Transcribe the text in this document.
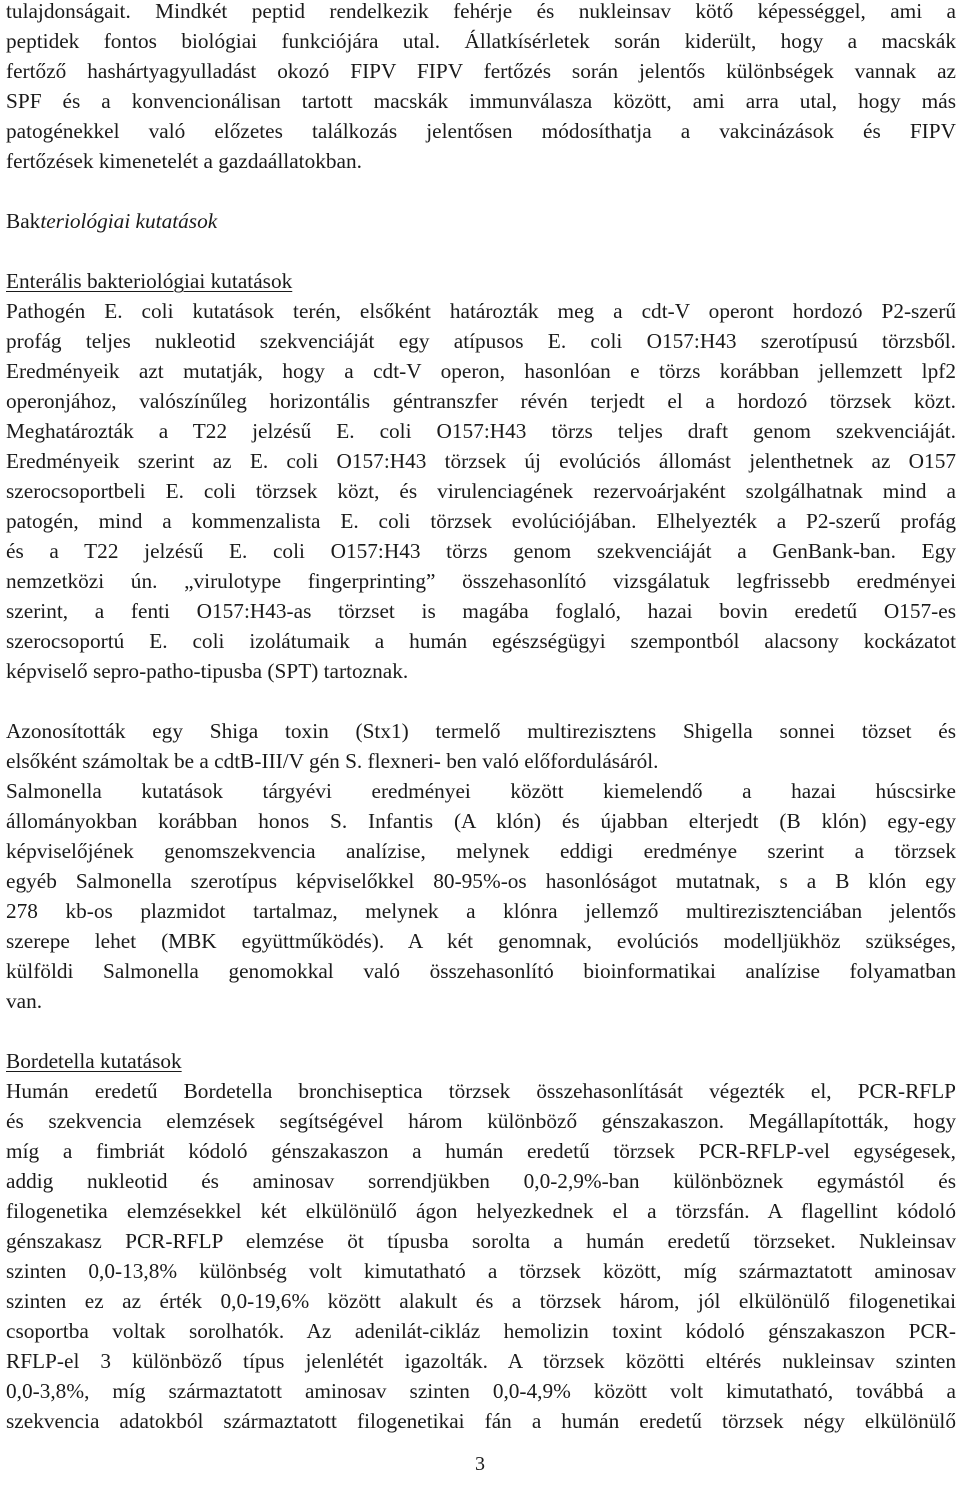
tulajdonságait. Mindkét peptid rendelkezik fehérje és nukleinsav kötő képességgel, ami a
peptidek fontos biológiai funkciójára utal. Állatkísérletek során kiderült, hogy a macskák
fertőző hashártyagyulladást okozó FIPV FIPV fertőzés során jelentős különbségek vannak az
SPF és a konvencionálisan tartott macskák immunválasza között, ami arra utal, hogy más
patogénekkel való előzetes találkozás jelentősen módosíthatja a vakcinázások és FIPV
fertőzések kimenetelét a gazdaállatokban.
Bakteriológiai kutatások
Enterális bakteriológiai kutatások
Pathogén E. coli kutatások terén, elsőként határozták meg a cdt-V operont hordozó P2-szerű
profág teljes nukleotid szekvenciáját egy atípusos E. coli O157:H43 szerotípusú törzsből.
Eredményeik azt mutatják, hogy a cdt-V operon, hasonlóan e törzs korábban jellemzett lpf2
operonjához, valószínűleg horizontális géntranszfer révén terjedt el a hordozó törzsek közt.
Meghatározták a T22 jelzésű E. coli O157:H43 törzs teljes draft genom szekvenciáját.
Eredményeik szerint az E. coli O157:H43 törzsek új evolúciós állomást jelenthetnek az O157
szerocsoportbeli E. coli törzsek közt, és virulenciagének rezervoárjaként szolgálhatnak mind a
patogén, mind a kommenzalista E. coli törzsek evolúciójában. Elhelyezték a P2-szerű profág
és a T22 jelzésű E. coli O157:H43 törzs genom szekvenciáját a GenBank-ban. Egy
nemzetközi ún. „virulotype fingerprinting” összehasonlító vizsgálatuk legfrissebb eredményei
szerint, a fenti O157:H43-as törzset is magába foglaló, hazai bovin eredetű O157-es
szerocsoportú E. coli izolátumaik a humán egészségügyi szempontból alacsony kockázatot
képviselő sepro-patho-tipusba (SPT) tartoznak.
Azonosították egy Shiga toxin (Stx1) termelő multirezisztens Shigella sonnei tözset és
elsőként számoltak be a cdtB-III/V gén S. flexneri- ben való előfordulásáról.
Salmonella kutatások tárgyévi eredményei között kiemelendő a hazai húscsirke
állományokban korábban honos S. Infantis (A klón) és újabban elterjedt (B klón) egy-egy
képviselőjének genomszekvencia analízise, melynek eddigi eredménye szerint a törzsek
egyéb Salmonella szerotípus képviselőkkel 80-95%-os hasonlóságot mutatnak, s a B klón egy
278 kb-os plazmidot tartalmaz, melynek a klónra jellemző multirezisztenciában jelentős
szerepe lehet (MBK együttműködés). A két genomnak, evolúciós modelljükhöz szükséges,
külföldi Salmonella genomokkal való összehasonlító bioinformatikai analízise folyamatban
van.
Bordetella kutatások
Humán eredetű Bordetella bronchiseptica törzsek összehasonlítását végezték el, PCR-RFLP
és szekvencia elemzések segítségével három különböző génszakaszon. Megállapították, hogy
míg a fimbriát kódoló génszakaszon a humán eredetű törzsek PCR-RFLP-vel egységesek,
addig nukleotid és aminosav sorrendjükben 0,0-2,9%-ban különböznek egymástól és
filogenetika elemzésekkel két elkülönülő ágon helyezkednek el a törzsfán. A flagellint kódoló
génszakasz PCR-RFLP elemzése öt típusba sorolta a humán eredetű törzseket. Nukleinsav
szinten 0,0-13,8% különbség volt kimutatható a törzsek között, míg származtatott aminosav
szinten ez az érték 0,0-19,6% között alakult és a törzsek három, jól elkülönülő filogenetikai
csoportba voltak sorolhatók. Az adenilát-cikláz hemolizin toxint kódoló génszakaszon PCR-
RFLP-el 3 különböző típus jelenlétét igazolták. A törzsek közötti eltérés nukleinsav szinten
0,0-3,8%, míg származtatott aminosav szinten 0,0-4,9% között volt kimutatható, továbbá a
szekvencia adatokból származtatott filogenetikai fán a humán eredetű törzsek négy elkülönülő
3
